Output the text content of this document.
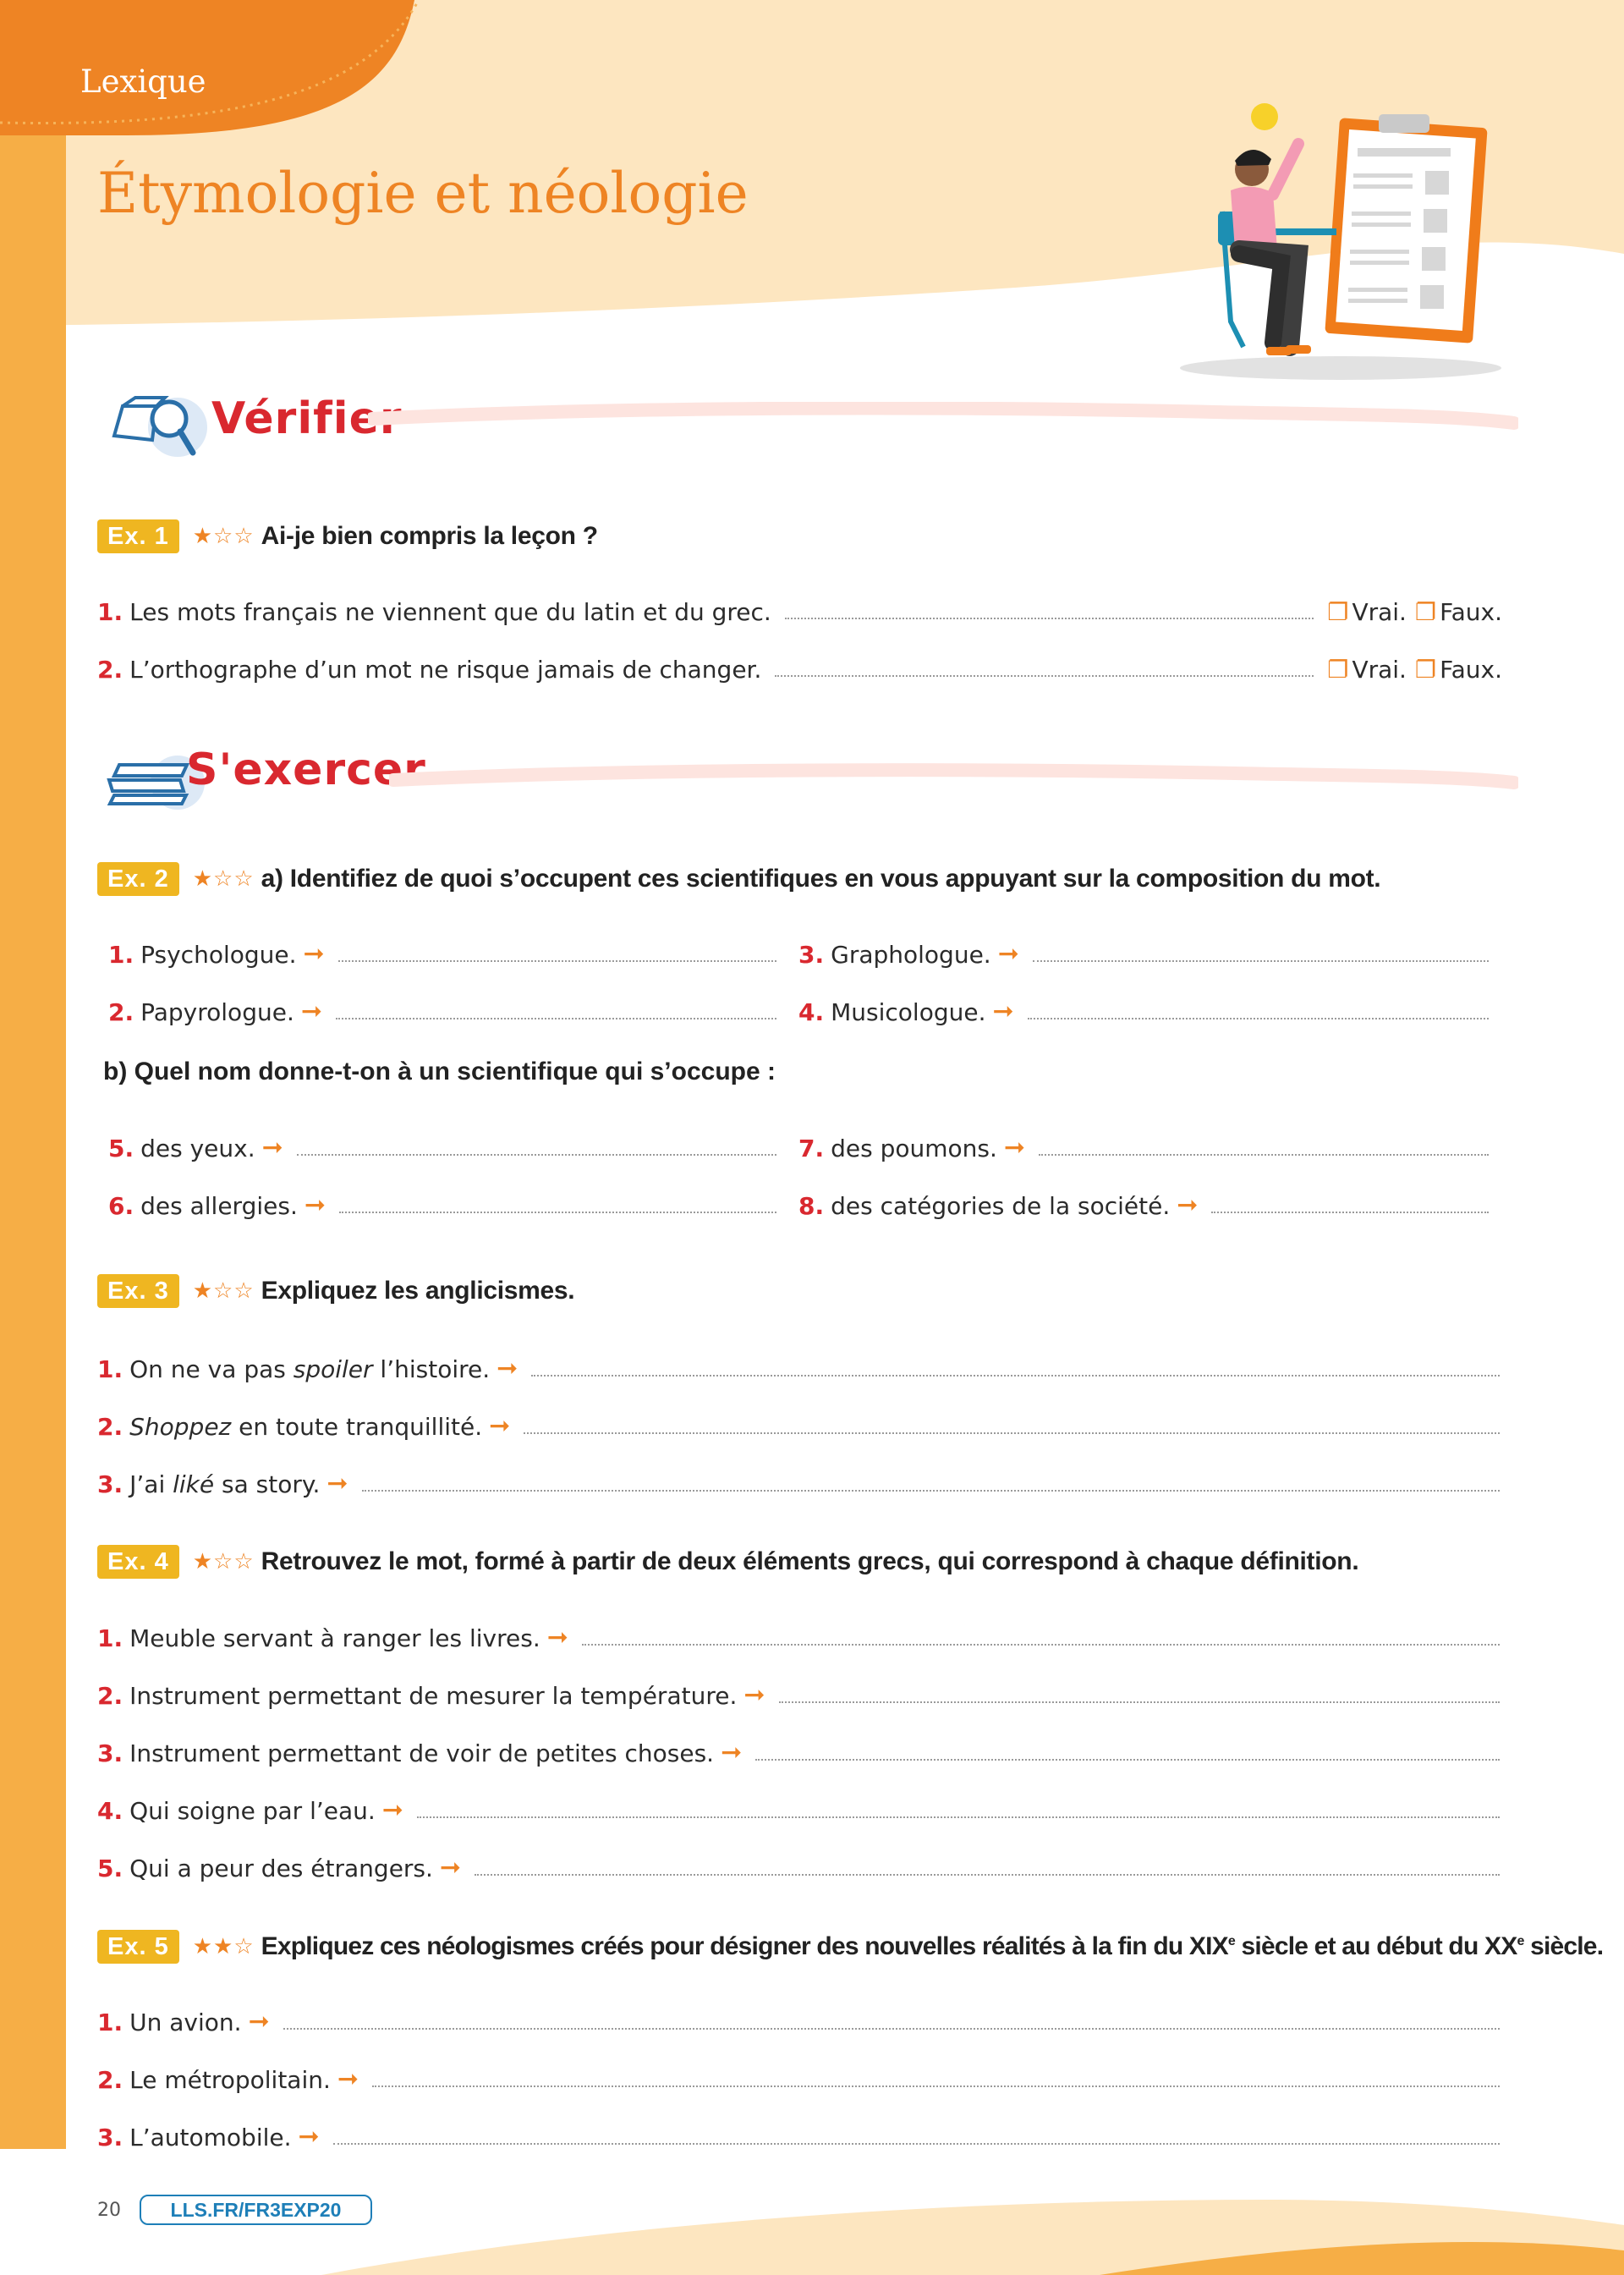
Lexique
Étymologie et néologie
Vérifier
Ex. 1	★☆☆ Ai-je bien compris la leçon ?
1. Les mots français ne viennent que du latin et du grec.	❐ Vrai. ❐ Faux.
2. L’orthographe d’un mot ne risque jamais de changer.	❐ Vrai. ❐ Faux.
S'exercer
Ex. 2	★☆☆ a) Identifiez de quoi s’occupent ces scientifiques en vous appuyant sur la composition du mot.
1. Psychologue. ➞	3. Graphologue. ➞
2. Papyrologue. ➞	4. Musicologue. ➞
b) Quel nom donne-t-on à un scientifique qui s’occupe :
5. des yeux. ➞	7. des poumons. ➞
6. des allergies. ➞	8. des catégories de la société. ➞
Ex. 3	★☆☆ Expliquez les anglicismes.
1. On ne va pas spoiler l’histoire. ➞
2. Shoppez en toute tranquillité. ➞
3. J’ai liké sa story. ➞
Ex. 4	★☆☆ Retrouvez le mot, formé à partir de deux éléments grecs, qui correspond à chaque définition.
1. Meuble servant à ranger les livres. ➞
2. Instrument permettant de mesurer la température. ➞
3. Instrument permettant de voir de petites choses. ➞
4. Qui soigne par l’eau. ➞
5. Qui a peur des étrangers. ➞
Ex. 5	★★☆ Expliquez ces néologismes créés pour désigner des nouvelles réalités à la fin du XIXe siècle et au début du XXe siècle.
1. Un avion. ➞
2. Le métropolitain. ➞
3. L’automobile. ➞
20	LLS.FR/FR3EXP20
